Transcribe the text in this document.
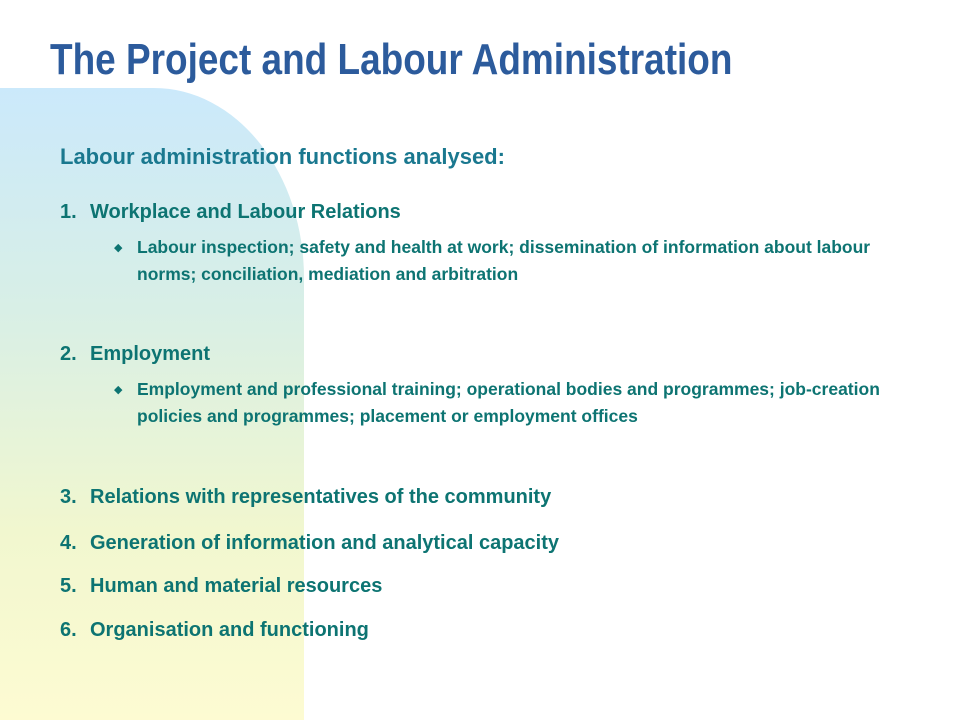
The Project and Labour Administration
Labour administration functions analysed:
1. Workplace and Labour Relations
◆ Labour inspection; safety and health at work; dissemination of information about labour norms; conciliation, mediation and arbitration
2. Employment
◆ Employment and professional training; operational bodies and programmes; job-creation policies and programmes; placement or employment offices
3. Relations with representatives of the community
4. Generation of information and analytical capacity
5. Human and material resources
6. Organisation and functioning
